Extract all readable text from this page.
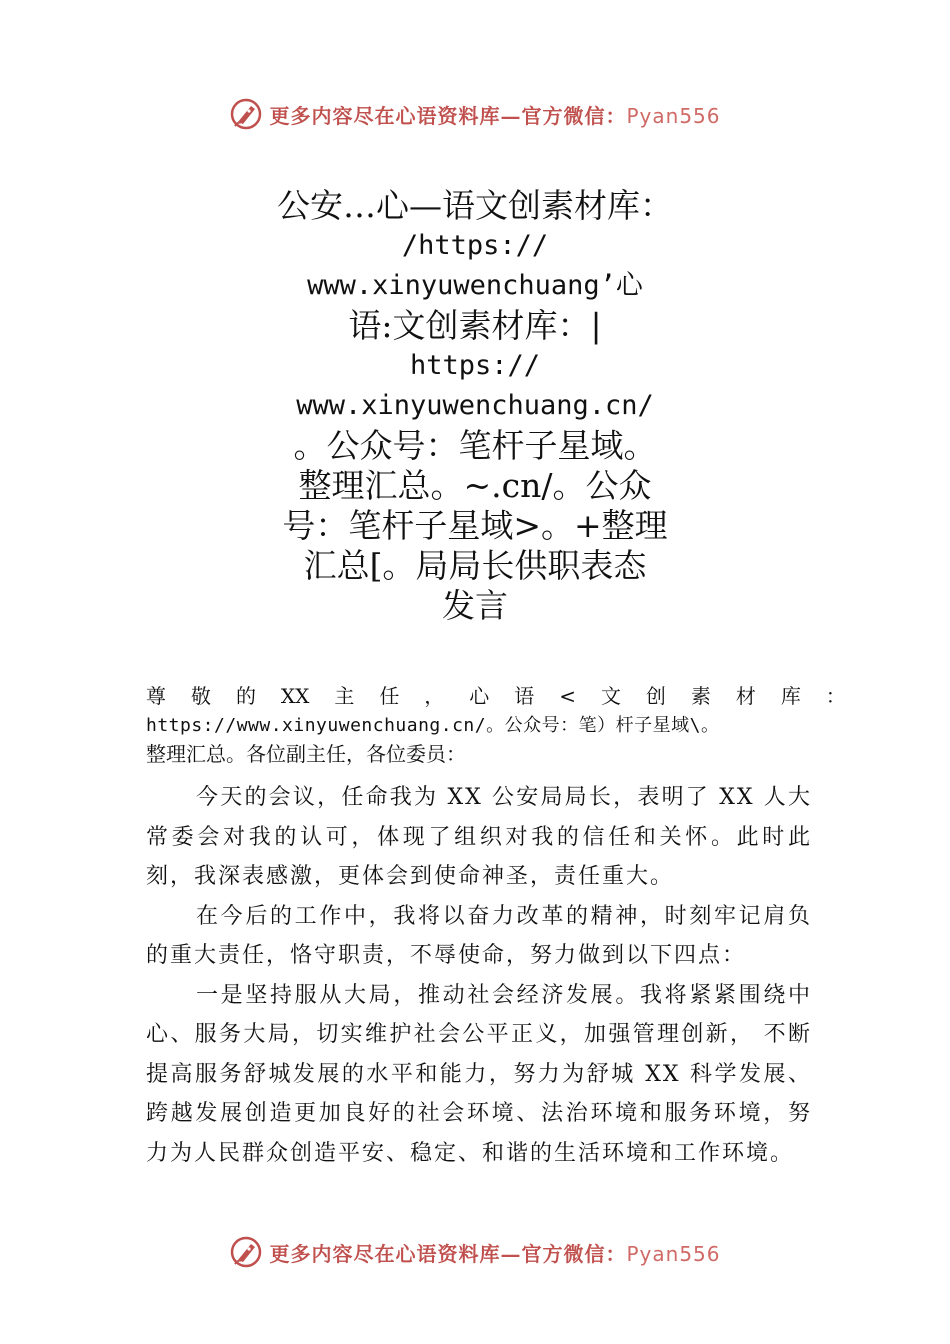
更多内容尽在心语资料库—官方微信：Pyan556
公安…心—语文创素材库：
/https://
www.xinyuwenchuang’心
语:文创素材库：|
https://
www.xinyuwenchuang.cn/
。公众号：笔杆子星域。
整理汇总。~.cn/。公众
号：笔杆子星域>。+整理
汇总[。局局长供职表态
发言
尊 敬 的 XX 主 任 ， 心 语 < 文 创 素 材 库 ：
https://www.xinyuwenchuang.cn/。公众号：笔）杆子星域\。
整理汇总。各位副主任，各位委员：

今天的会议，任命我为 XX 公安局局长，表明了 XX 人大常委会对我的认可，体现了组织对我的信任和关怀。此时此刻，我深表感激，更体会到使命神圣，责任重大。

在今后的工作中，我将以奋力改革的精神，时刻牢记肩负的重大责任，恪守职责，不辱使命，努力做到以下四点：

一是坚持服从大局，推动社会经济发展。我将紧紧围绕中心、服务大局，切实维护社会公平正义，加强管理创新， 不断提高服务舒城发展的水平和能力，努力为舒城 XX 科学发展、跨越发展创造更加良好的社会环境、法治环境和服务环境，努力为人民群众创造平安、稳定、和谐的生活环境和工作环境。

更多内容尽在心语资料库—官方微信：Pyan556
